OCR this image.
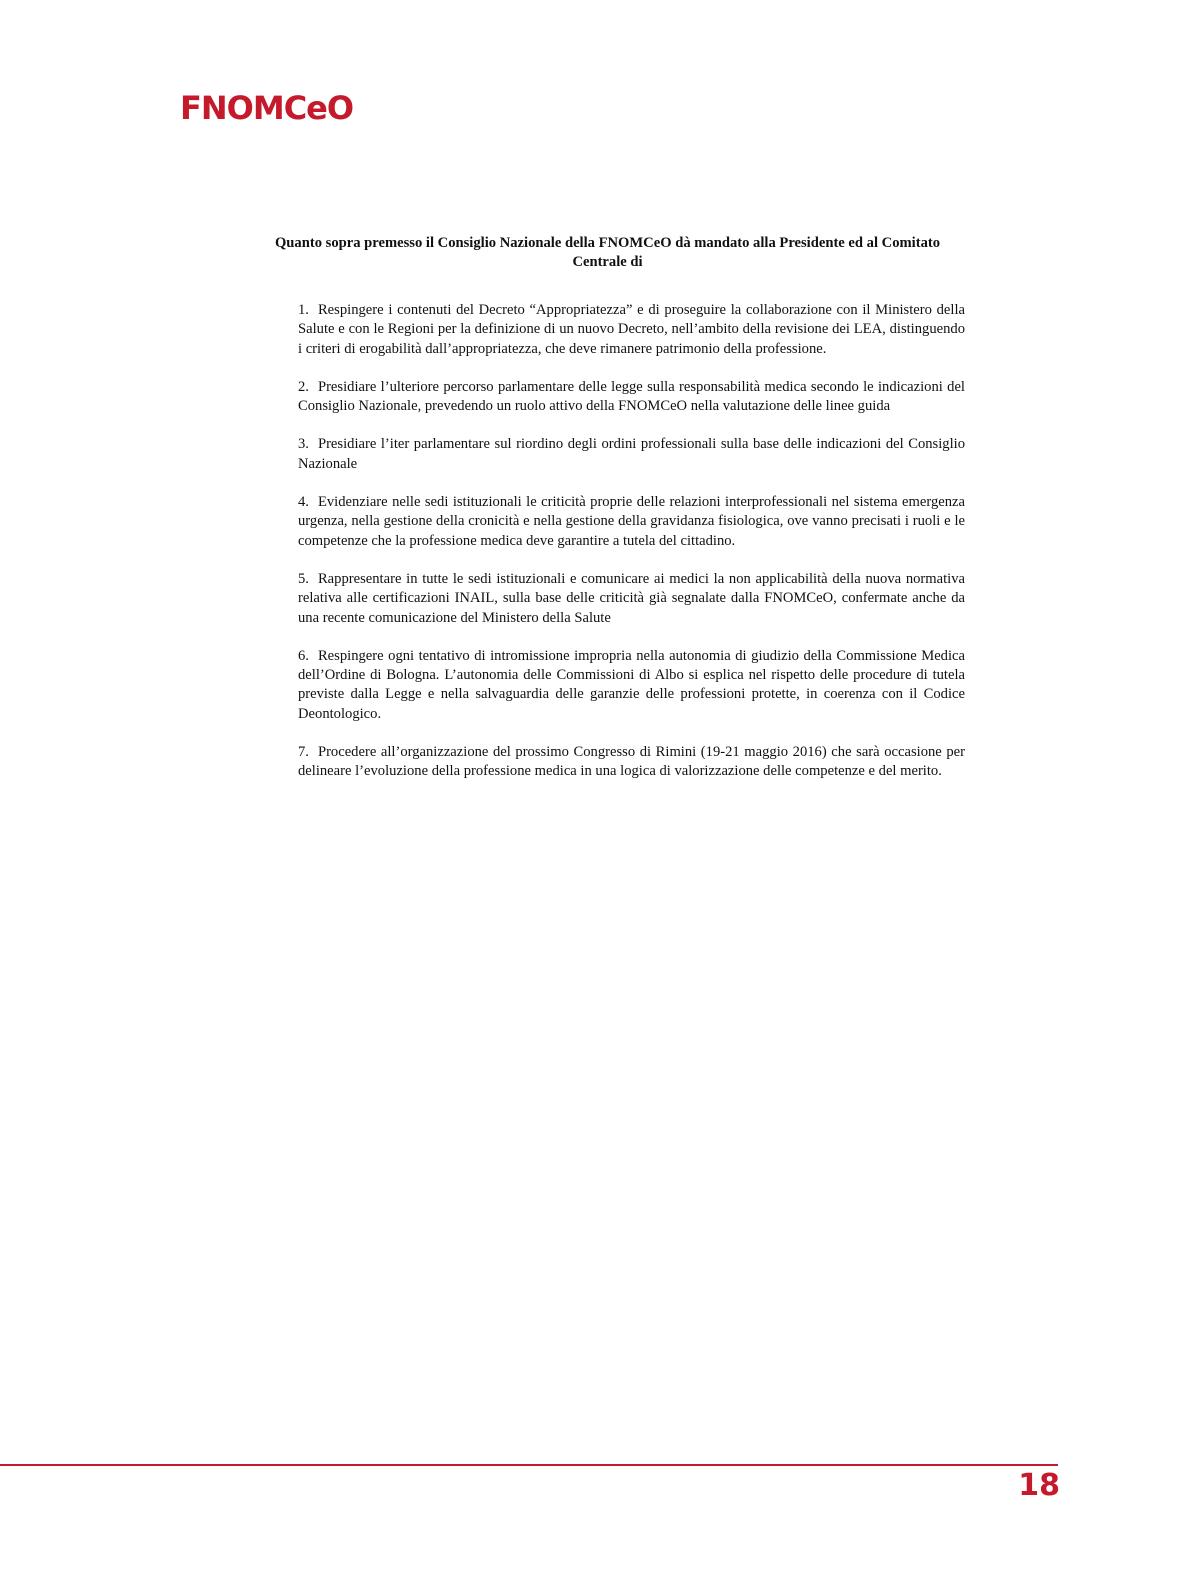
FNOMCeO
Quanto sopra premesso il Consiglio Nazionale della FNOMCeO dà mandato alla Presidente ed al Comitato Centrale di
1. Respingere i contenuti del Decreto “Appropriatezza” e di proseguire la collaborazione con il Ministero della Salute e con le Regioni per la definizione di un nuovo Decreto, nell’ambito della revisione dei LEA, distinguendo i criteri di erogabilità dall’appropriatezza, che deve rimanere patrimonio della professione.
2. Presidiare l’ulteriore percorso parlamentare delle legge sulla responsabilità medica secondo le indicazioni del Consiglio Nazionale, prevedendo un ruolo attivo della FNOMCeO nella valutazione delle linee guida
3. Presidiare l’iter parlamentare sul riordino degli ordini professionali sulla base delle indicazioni del Consiglio Nazionale
4. Evidenziare nelle sedi istituzionali le criticità proprie delle relazioni interprofessionali nel sistema emergenza urgenza, nella gestione della cronicità e nella gestione della gravidanza fisiologica, ove vanno precisati i ruoli e le competenze che la professione medica deve garantire a tutela del cittadino.
5. Rappresentare in tutte le sedi istituzionali e comunicare ai medici la non applicabilità della nuova normativa relativa alle certificazioni INAIL, sulla base delle criticità già segnalate dalla FNOMCeO, confermate anche da una recente comunicazione del Ministero della Salute
6. Respingere ogni tentativo di intromissione impropria nella autonomia di giudizio della Commissione Medica dell’Ordine di Bologna. L’autonomia delle Commissioni di Albo si esplica nel rispetto delle procedure di tutela previste dalla Legge e nella salvaguardia delle garanzie delle professioni protette, in coerenza con il Codice Deontologico.
7. Procedere all’organizzazione del prossimo Congresso di Rimini (19-21 maggio 2016) che sarà occasione per delineare l’evoluzione della professione medica in una logica di valorizzazione delle competenze e del merito.
18
